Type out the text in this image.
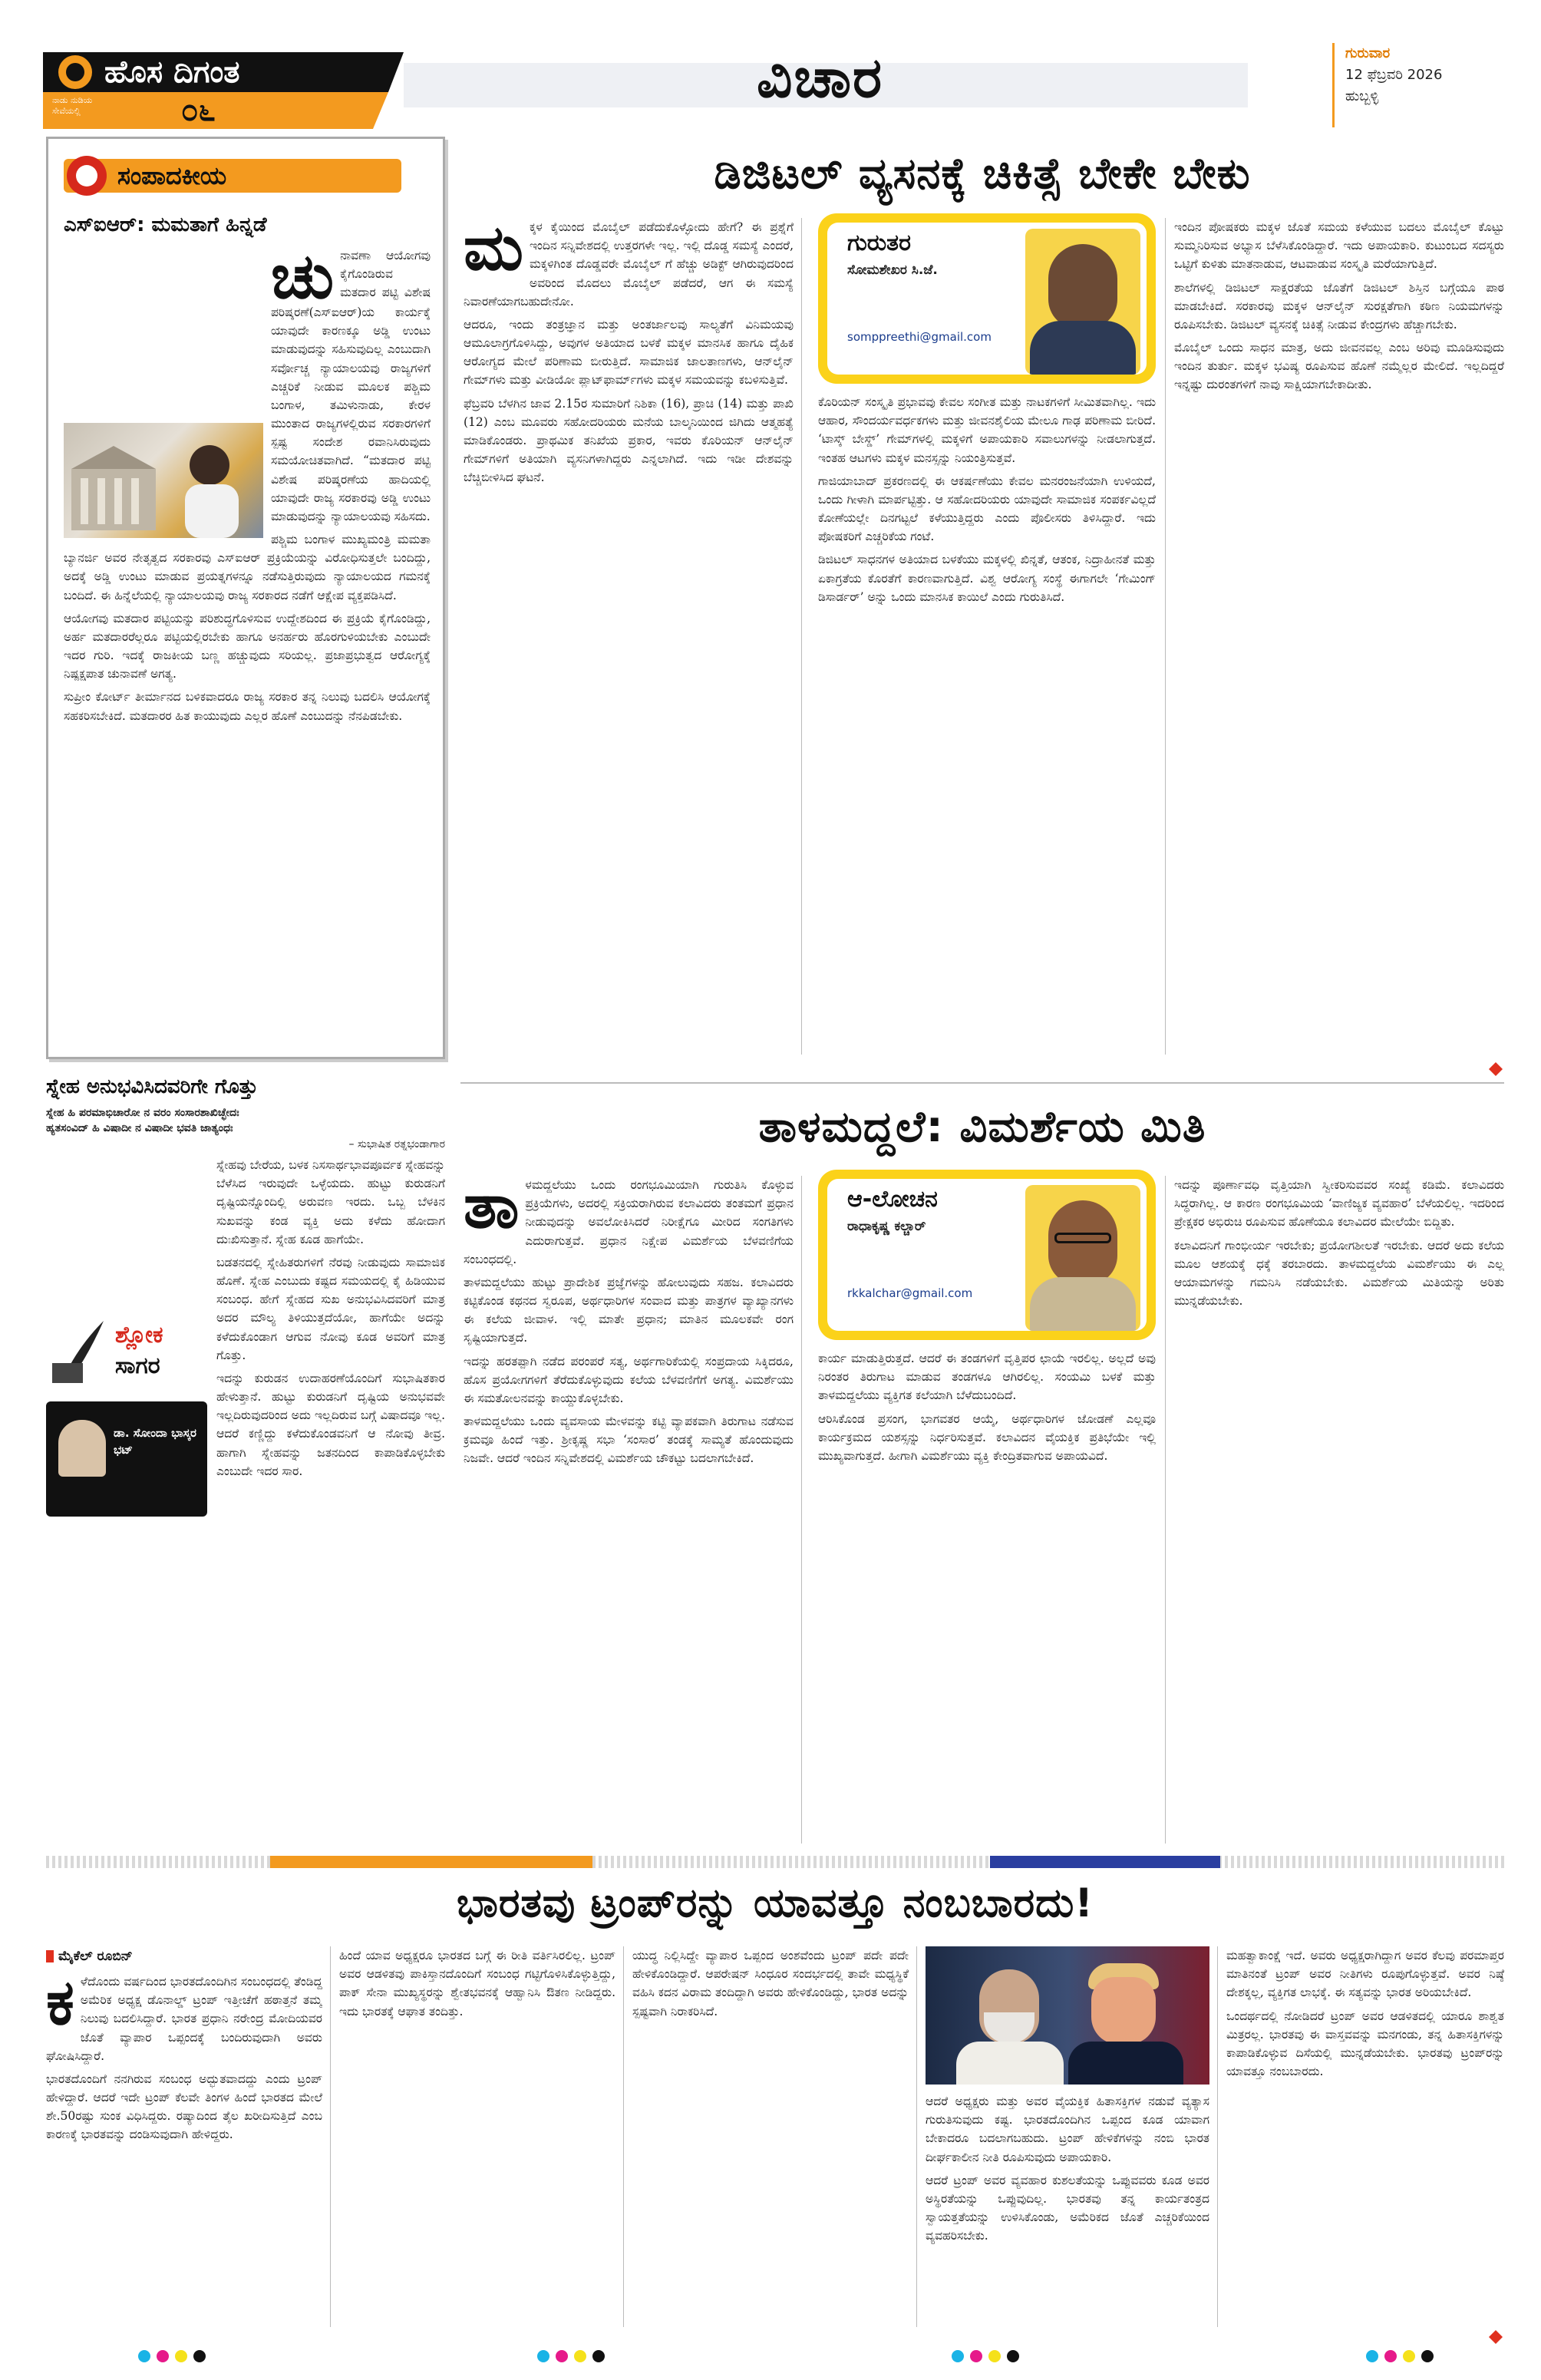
ಹೊಸ ದಿಗಂತ
ನಾಡು ನುಡಿಯ ಸೇವೆಯಲ್ಲಿ	೦೬
ವಿಚಾರ	ಗುರುವಾರ
12 ಫೆಬ್ರವರಿ 2026
ಹುಬ್ಬಳ್ಳಿ
ಸಂಪಾದಕೀಯ
ಎಸ್ಐಆರ್: ಮಮತಾಗೆ ಹಿನ್ನಡೆ
ಚು ನಾವಣಾ ಆಯೋಗವು ಕೈಗೊಂಡಿರುವ ಮತದಾರ ಪಟ್ಟಿ ವಿಶೇಷ ಪರಿಷ್ಕರಣೆ(ಎಸ್ಐಆರ್)ಯ ಕಾರ್ಯಕ್ಕೆ ಯಾವುದೇ ಕಾರಣಕ್ಕೂ ಅಡ್ಡಿ ಉಂಟು ಮಾಡುವುದನ್ನು ಸಹಿಸುವುದಿಲ್ಲ ಎಂಬುದಾಗಿ ಸರ್ವೋಚ್ಚ ನ್ಯಾಯಾಲಯವು ರಾಜ್ಯಗಳಿಗೆ ಎಚ್ಚರಿಕೆ ನೀಡುವ ಮೂಲಕ ಪಶ್ಚಿಮ ಬಂಗಾಳ, ತಮಿಳುನಾಡು, ಕೇರಳ ಮುಂತಾದ ರಾಜ್ಯಗಳಲ್ಲಿರುವ ಸರಕಾರಗಳಿಗೆ ಸ್ಪಷ್ಟ ಸಂದೇಶ ರವಾನಿಸಿರುವುದು ಸಮಯೋಚಿತವಾಗಿದೆ. “ಮತದಾರ ಪಟ್ಟಿ ವಿಶೇಷ ಪರಿಷ್ಕರಣೆಯ ಹಾದಿಯಲ್ಲಿ ಯಾವುದೇ ರಾಜ್ಯ ಸರಕಾರವು ಅಡ್ಡಿ ಉಂಟು ಮಾಡುವುದನ್ನು ನ್ಯಾಯಾಲಯವು ಸಹಿಸದು.

ಪಶ್ಚಿಮ ಬಂಗಾಳ ಮುಖ್ಯಮಂತ್ರಿ ಮಮತಾ ಬ್ಯಾನರ್ಜಿ ಅವರ ನೇತೃತ್ವದ ಸರಕಾರವು ಎಸ್ಐಆರ್ ಪ್ರಕ್ರಿಯೆಯನ್ನು ವಿರೋಧಿಸುತ್ತಲೇ ಬಂದಿದ್ದು, ಅದಕ್ಕೆ ಅಡ್ಡಿ ಉಂಟು ಮಾಡುವ ಪ್ರಯತ್ನಗಳನ್ನೂ ನಡೆಸುತ್ತಿರುವುದು ನ್ಯಾಯಾಲಯದ ಗಮನಕ್ಕೆ ಬಂದಿದೆ. ಈ ಹಿನ್ನೆಲೆಯಲ್ಲಿ ನ್ಯಾಯಾಲಯವು ರಾಜ್ಯ ಸರಕಾರದ ನಡೆಗೆ ಆಕ್ಷೇಪ ವ್ಯಕ್ತಪಡಿಸಿದೆ.

ಆಯೋಗವು ಮತದಾರ ಪಟ್ಟಿಯನ್ನು ಪರಿಶುದ್ಧಗೊಳಿಸುವ ಉದ್ದೇಶದಿಂದ ಈ ಪ್ರಕ್ರಿಯೆ ಕೈಗೊಂಡಿದ್ದು, ಅರ್ಹ ಮತದಾರರೆಲ್ಲರೂ ಪಟ್ಟಿಯಲ್ಲಿರಬೇಕು ಹಾಗೂ ಅನರ್ಹರು ಹೊರಗುಳಿಯಬೇಕು ಎಂಬುದೇ ಇದರ ಗುರಿ. ಇದಕ್ಕೆ ರಾಜಕೀಯ ಬಣ್ಣ ಹಚ್ಚುವುದು ಸರಿಯಲ್ಲ. ಪ್ರಜಾಪ್ರಭುತ್ವದ ಆರೋಗ್ಯಕ್ಕೆ ನಿಷ್ಪಕ್ಷಪಾತ ಚುನಾವಣೆ ಅಗತ್ಯ.

ಸುಪ್ರೀಂ ಕೋರ್ಟ್ ತೀರ್ಮಾನದ ಬಳಿಕವಾದರೂ ರಾಜ್ಯ ಸರಕಾರ ತನ್ನ ನಿಲುವು ಬದಲಿಸಿ ಆಯೋಗಕ್ಕೆ ಸಹಕರಿಸಬೇಕಿದೆ. ಮತದಾರರ ಹಿತ ಕಾಯುವುದು ಎಲ್ಲರ ಹೊಣೆ ಎಂಬುದನ್ನು ನೆನಪಿಡಬೇಕು.

ಸ್ನೇಹ ಅನುಭವಿಸಿದವರಿಗೇ ಗೊತ್ತು
ಸ್ನೇಹ ಹಿ ಪರಮಾಭಿಚಾರೋ ನ ವರಂ ಸಂಸಾರಶಾಖಿಚ್ಛೇದಃ
ಹ್ಯತಸಂವಿದ್ ಹಿ ವಿಷಾದೀ ನ ವಿಷಾದೀ ಭವತಿ ಜಾತ್ಯಂಧಃ
– ಸುಭಾಷಿತ ರತ್ನಭಂಡಾಗಾರ
ಶ್ಲೋಕ
ಸಾಗರ
ಡಾ. ಸೋಂದಾ ಭಾಸ್ಕರ ಭಟ್

ಸ್ನೇಹವು ಬೇರೆಯ, ಬಳಕ ನಿಸಸಾರ್ಥಭಾವಪೂರ್ವಕ ಸ್ನೇಹವನ್ನು ಬೆಳೆಸಿದ ಇರುವುದೇ ಒಳ್ಳೆಯದು. ಹುಟ್ಟು ಕುರುಡನಿಗೆ ದೃಷ್ಟಿಯನ್ನೊಂದಿಲ್ಲಿ ಅರುವಣ ಇರದು. ಒಬ್ಬ ಬೆಳಕಿನ ಸುಖವನ್ನು ಕಂಡ ವ್ಯಕ್ತಿ ಅದು ಕಳೆದು ಹೋದಾಗ ದುಃಖಿಸುತ್ತಾನೆ. ಸ್ನೇಹ ಕೂಡ ಹಾಗೆಯೇ.

ಬಡತನದಲ್ಲಿ ಸ್ನೇಹಿತರುಗಳಿಗೆ ನೆರವು ನೀಡುವುದು ಸಾಮಾಜಿಕ ಹೊಣೆ. ಸ್ನೇಹ ಎಂಬುದು ಕಷ್ಟದ ಸಮಯದಲ್ಲಿ ಕೈ ಹಿಡಿಯುವ ಸಂಬಂಧ. ಹೇಗೆ ಸ್ನೇಹದ ಸುಖ ಅನುಭವಿಸಿದವರಿಗೆ ಮಾತ್ರ ಅದರ ಮೌಲ್ಯ ತಿಳಿಯುತ್ತದೆಯೋ, ಹಾಗೆಯೇ ಅದನ್ನು ಕಳೆದುಕೊಂಡಾಗ ಆಗುವ ನೋವು ಕೂಡ ಅವರಿಗೆ ಮಾತ್ರ ಗೊತ್ತು.

ಇದನ್ನು ಕುರುಡನ ಉದಾಹರಣೆಯೊಂದಿಗೆ ಸುಭಾಷಿತಕಾರ ಹೇಳುತ್ತಾನೆ. ಹುಟ್ಟು ಕುರುಡನಿಗೆ ದೃಷ್ಟಿಯ ಅನುಭವವೇ ಇಲ್ಲದಿರುವುದರಿಂದ ಅದು ಇಲ್ಲದಿರುವ ಬಗ್ಗೆ ವಿಷಾದವೂ ಇಲ್ಲ. ಆದರೆ ಕಣ್ಣಿದ್ದು ಕಳೆದುಕೊಂಡವನಿಗೆ ಆ ನೋವು ತೀವ್ರ. ಹಾಗಾಗಿ ಸ್ನೇಹವನ್ನು ಜತನದಿಂದ ಕಾಪಾಡಿಕೊಳ್ಳಬೇಕು ಎಂಬುದೇ ಇದರ ಸಾರ.

ಡಿಜಿಟಲ್ ವ್ಯಸನಕ್ಕೆ ಚಿಕಿತ್ಸೆ ಬೇಕೇ ಬೇಕು
ಮ ಕ್ಕಳ ಕೈಯಿಂದ ಮೊಬೈಲ್ ಪಡೆದುಕೊಳ್ಳೋದು ಹೇಗೆ? ಈ ಪ್ರಶ್ನೆಗೆ ಇಂದಿನ ಸನ್ನಿವೇಶದಲ್ಲಿ ಉತ್ತರಗಳೇ ಇಲ್ಲ. ಇಲ್ಲಿ ದೊಡ್ಡ ಸಮಸ್ಯೆ ಎಂದರೆ, ಮಕ್ಕಳಿಗಿಂತ ದೊಡ್ಡವರೇ ಮೊಬೈಲ್ ಗೆ ಹೆಚ್ಚು ಅಡಿಕ್ಟ್ ಆಗಿರುವುದರಿಂದ ಅವರಿಂದ ಮೊದಲು ಮೊಬೈಲ್ ಪಡೆದರೆ, ಆಗ ಈ ಸಮಸ್ಯೆ ನಿವಾರಣೆಯಾಗಬಹುದೇನೋ.

ಆದರೂ, ಇಂದು ತಂತ್ರಜ್ಞಾನ ಮತ್ತು ಅಂತರ್ಜಾಲವು ಸಾಲ್ಯತೆಗೆ ವಿನಿಮಯವು ಆಮೂಲಾಗ್ರಗೊಳಿಸಿದ್ದು, ಅವುಗಳ ಅತಿಯಾದ ಬಳಕೆ ಮಕ್ಕಳ ಮಾನಸಿಕ ಹಾಗೂ ದೈಹಿಕ ಆರೋಗ್ಯದ ಮೇಲೆ ಪರಿಣಾಮ ಬೀರುತ್ತಿದೆ. ಸಾಮಾಜಿಕ ಜಾಲತಾಣಗಳು, ಆನ್‌ಲೈನ್ ಗೇಮ್‌ಗಳು ಮತ್ತು ವೀಡಿಯೋ ಪ್ಲಾಟ್‌ಫಾರ್ಮ್‌ಗಳು ಮಕ್ಕಳ ಸಮಯವನ್ನು ಕಬಳಿಸುತ್ತಿವೆ.

ಫೆಬ್ರವರಿ ಬೆಳಗಿನ ಜಾವ 2.15ರ ಸುಮಾರಿಗೆ ನಿಶಿಕಾ (16), ಪ್ರಾಚಿ (14) ಮತ್ತು ಪಾಖಿ (12) ಎಂಬ ಮೂವರು ಸಹೋದರಿಯರು ಮನೆಯ ಬಾಲ್ಕನಿಯಿಂದ ಜಿಗಿದು ಆತ್ಮಹತ್ಯೆ ಮಾಡಿಕೊಂಡರು. ಪ್ರಾಥಮಿಕ ತನಿಖೆಯ ಪ್ರಕಾರ, ಇವರು ಕೊರಿಯನ್ ಆನ್‌ಲೈನ್ ಗೇಮ್‌ಗಳಿಗೆ ಅತಿಯಾಗಿ ವ್ಯಸನಿಗಳಾಗಿದ್ದರು ಎನ್ನಲಾಗಿದೆ. ಇದು ಇಡೀ ದೇಶವನ್ನು ಬೆಚ್ಚಿಬೀಳಿಸಿದ ಘಟನೆ.

ಗುರುತರ
ಸೋಮಶೇಖರ ಸಿ.ಜೆ.
somppreethi@gmail.com

ಕೊರಿಯನ್ ಸಂಸ್ಕೃತಿ ಪ್ರಭಾವವು ಕೇವಲ ಸಂಗೀತ ಮತ್ತು ನಾಟಕಗಳಿಗೆ ಸೀಮಿತವಾಗಿಲ್ಲ. ಇದು ಆಹಾರ, ಸೌಂದರ್ಯವರ್ಧಕಗಳು ಮತ್ತು ಜೀವನಶೈಲಿಯ ಮೇಲೂ ಗಾಢ ಪರಿಣಾಮ ಬೀರಿದೆ. ‘ಟಾಸ್ಕ್ ಬೇಸ್ಡ್’ ಗೇಮ್‌ಗಳಲ್ಲಿ ಮಕ್ಕಳಿಗೆ ಅಪಾಯಕಾರಿ ಸವಾಲುಗಳನ್ನು ನೀಡಲಾಗುತ್ತದೆ. ಇಂತಹ ಆಟಗಳು ಮಕ್ಕಳ ಮನಸ್ಸನ್ನು ನಿಯಂತ್ರಿಸುತ್ತವೆ.

ಗಾಜಿಯಾಬಾದ್ ಪ್ರಕರಣದಲ್ಲಿ ಈ ಆಕರ್ಷಣೆಯು ಕೇವಲ ಮನರಂಜನೆಯಾಗಿ ಉಳಿಯದೆ, ಒಂದು ಗೀಳಾಗಿ ಮಾರ್ಪಟ್ಟಿತ್ತು. ಆ ಸಹೋದರಿಯರು ಯಾವುದೇ ಸಾಮಾಜಿಕ ಸಂಪರ್ಕವಿಲ್ಲದೆ ಕೋಣೆಯಲ್ಲೇ ದಿನಗಟ್ಟಲೆ ಕಳೆಯುತ್ತಿದ್ದರು ಎಂದು ಪೊಲೀಸರು ತಿಳಿಸಿದ್ದಾರೆ. ಇದು ಪೋಷಕರಿಗೆ ಎಚ್ಚರಿಕೆಯ ಗಂಟೆ.

ಡಿಜಿಟಲ್ ಸಾಧನಗಳ ಅತಿಯಾದ ಬಳಕೆಯು ಮಕ್ಕಳಲ್ಲಿ ಖಿನ್ನತೆ, ಆತಂಕ, ನಿದ್ರಾಹೀನತೆ ಮತ್ತು ಏಕಾಗ್ರತೆಯ ಕೊರತೆಗೆ ಕಾರಣವಾಗುತ್ತಿದೆ. ವಿಶ್ವ ಆರೋಗ್ಯ ಸಂಸ್ಥೆ ಈಗಾಗಲೇ ‘ಗೇಮಿಂಗ್ ಡಿಸಾರ್ಡರ್’ ಅನ್ನು ಒಂದು ಮಾನಸಿಕ ಕಾಯಿಲೆ ಎಂದು ಗುರುತಿಸಿದೆ.

ಇಂದಿನ ಪೋಷಕರು ಮಕ್ಕಳ ಜೊತೆ ಸಮಯ ಕಳೆಯುವ ಬದಲು ಮೊಬೈಲ್ ಕೊಟ್ಟು ಸುಮ್ಮನಿರಿಸುವ ಅಭ್ಯಾಸ ಬೆಳೆಸಿಕೊಂಡಿದ್ದಾರೆ. ಇದು ಅಪಾಯಕಾರಿ. ಕುಟುಂಬದ ಸದಸ್ಯರು ಒಟ್ಟಿಗೆ ಕುಳಿತು ಮಾತನಾಡುವ, ಆಟವಾಡುವ ಸಂಸ್ಕೃತಿ ಮರೆಯಾಗುತ್ತಿದೆ.

ಶಾಲೆಗಳಲ್ಲಿ ಡಿಜಿಟಲ್ ಸಾಕ್ಷರತೆಯ ಜೊತೆಗೆ ಡಿಜಿಟಲ್ ಶಿಸ್ತಿನ ಬಗ್ಗೆಯೂ ಪಾಠ ಮಾಡಬೇಕಿದೆ. ಸರಕಾರವು ಮಕ್ಕಳ ಆನ್‌ಲೈನ್ ಸುರಕ್ಷತೆಗಾಗಿ ಕಠಿಣ ನಿಯಮಗಳನ್ನು ರೂಪಿಸಬೇಕು. ಡಿಜಿಟಲ್ ವ್ಯಸನಕ್ಕೆ ಚಿಕಿತ್ಸೆ ನೀಡುವ ಕೇಂದ್ರಗಳು ಹೆಚ್ಚಾಗಬೇಕು.

ಮೊಬೈಲ್ ಒಂದು ಸಾಧನ ಮಾತ್ರ, ಅದು ಜೀವನವಲ್ಲ ಎಂಬ ಅರಿವು ಮೂಡಿಸುವುದು ಇಂದಿನ ತುರ್ತು. ಮಕ್ಕಳ ಭವಿಷ್ಯ ರೂಪಿಸುವ ಹೊಣೆ ನಮ್ಮೆಲ್ಲರ ಮೇಲಿದೆ. ಇಲ್ಲದಿದ್ದರೆ ಇನ್ನಷ್ಟು ದುರಂತಗಳಿಗೆ ನಾವು ಸಾಕ್ಷಿಯಾಗಬೇಕಾದೀತು.

ತಾಳಮದ್ದಲೆ: ವಿಮರ್ಶೆಯ ಮಿತಿ
ತಾ ಳಮದ್ದಲೆಯು ಒಂದು ರಂಗಭೂಮಿಯಾಗಿ ಗುರುತಿಸಿ ಕೊಳ್ಳುವ ಪ್ರಕ್ರಿಯೆಗಳು, ಅದರಲ್ಲಿ ಸಕ್ರಿಯರಾಗಿರುವ ಕಲಾವಿದರು ತಂತಮಗೆ ಪ್ರಧಾನ ನೀಡುವುದನ್ನು ಅವಲೋಕಿಸಿದರೆ ನಿರೀಕ್ಷೆಗೂ ಮೀರಿದ ಸಂಗತಿಗಳು ಎದುರಾಗುತ್ತವೆ. ಪ್ರಧಾನ ನಿಕ್ಷೇಪ ವಿಮರ್ಶೆಯ ಬೆಳವಣಿಗೆಯ ಸಂಬಂಧದಲ್ಲಿ.

ತಾಳಮದ್ದಲೆಯು ಹುಟ್ಟು ಪ್ರಾದೇಶಿಕ ಪ್ರಜ್ಞೆಗಳನ್ನು ಹೋಲುವುದು ಸಹಜ. ಕಲಾವಿದರು ಕಟ್ಟಿಕೊಂಡ ಕಥನದ ಸ್ವರೂಪ, ಅರ್ಥಧಾರಿಗಳ ಸಂವಾದ ಮತ್ತು ಪಾತ್ರಗಳ ವ್ಯಾಖ್ಯಾನಗಳು ಈ ಕಲೆಯ ಜೀವಾಳ. ಇಲ್ಲಿ ಮಾತೇ ಪ್ರಧಾನ; ಮಾತಿನ ಮೂಲಕವೇ ರಂಗ ಸೃಷ್ಟಿಯಾಗುತ್ತದೆ.

ಇದನ್ನು ಹರತಪ್ಪಾಗಿ ನಡೆದ ಪರಂಪರೆ ಸತ್ಯ, ಅರ್ಥಗಾರಿಕೆಯಲ್ಲಿ ಸಂಪ್ರದಾಯ ಸಿಕ್ಕಿದರೂ, ಹೊಸ ಪ್ರಯೋಗಗಳಿಗೆ ತೆರೆದುಕೊಳ್ಳುವುದು ಕಲೆಯ ಬೆಳವಣಿಗೆಗೆ ಅಗತ್ಯ. ವಿಮರ್ಶೆಯು ಈ ಸಮತೋಲನವನ್ನು ಕಾಯ್ದುಕೊಳ್ಳಬೇಕು.

ತಾಳಮದ್ದಲೆಯು ಒಂದು ವ್ಯವಸಾಯ ಮೇಳವನ್ನು ಕಟ್ಟಿ ವ್ಯಾಪಕವಾಗಿ ತಿರುಗಾಟ ನಡೆಸುವ ಕ್ರಮವೂ ಹಿಂದೆ ಇತ್ತು. ಶ್ರೀಕೃಷ್ಣ ಸಭಾ ‘ಸಂಸಾರ’ ತಂಡಕ್ಕೆ ಸಾಮ್ಯತೆ ಹೊಂದುವುದು ನಿಜವೇ. ಆದರೆ ಇಂದಿನ ಸನ್ನಿವೇಶದಲ್ಲಿ ವಿಮರ್ಶೆಯ ಚೌಕಟ್ಟು ಬದಲಾಗಬೇಕಿದೆ.

ಆ-ಲೋಚನ
ರಾಧಾಕೃಷ್ಣ ಕಲ್ಚಾರ್
rkkalchar@gmail.com

ಕಾರ್ಯ ಮಾಡುತ್ತಿರುತ್ತದೆ. ಆದರೆ ಈ ತಂಡಗಳಿಗೆ ವೃತ್ತಿಪರ ಛಾಯೆ ಇರಲಿಲ್ಲ. ಅಲ್ಲದೆ ಅವು ನಿರಂತರ ತಿರುಗಾಟ ಮಾಡುವ ತಂಡಗಳೂ ಆಗಿರಲಿಲ್ಲ. ಸಂಯಮಿ ಬಳಕೆ ಮತ್ತು ತಾಳಮದ್ದಲೆಯು ವ್ಯಕ್ತಿಗತ ಕಲೆಯಾಗಿ ಬೆಳೆದುಬಂದಿದೆ.

ಆರಿಸಿಕೊಂಡ ಪ್ರಸಂಗ, ಭಾಗವತರ ಆಯ್ಕೆ, ಅರ್ಥಧಾರಿಗಳ ಜೋಡಣೆ ಎಲ್ಲವೂ ಕಾರ್ಯಕ್ರಮದ ಯಶಸ್ಸನ್ನು ನಿರ್ಧರಿಸುತ್ತವೆ. ಕಲಾವಿದನ ವೈಯಕ್ತಿಕ ಪ್ರತಿಭೆಯೇ ಇಲ್ಲಿ ಮುಖ್ಯವಾಗುತ್ತದೆ. ಹೀಗಾಗಿ ವಿಮರ್ಶೆಯು ವ್ಯಕ್ತಿ ಕೇಂದ್ರಿತವಾಗುವ ಅಪಾಯವಿದೆ.

ಇದನ್ನು ಪೂರ್ಣಾವಧಿ ವೃತ್ತಿಯಾಗಿ ಸ್ವೀಕರಿಸುವವರ ಸಂಖ್ಯೆ ಕಡಿಮೆ. ಕಲಾವಿದರು ಸಿದ್ಧರಾಗಿಲ್ಲ. ಆ ಕಾರಣ ರಂಗಭೂಮಿಯ ‘ವಾಣಿಜ್ಯಕ ವ್ಯವಹಾರ’ ಬೆಳೆಯಲಿಲ್ಲ. ಇದರಿಂದ ಪ್ರೇಕ್ಷಕರ ಅಭಿರುಚಿ ರೂಪಿಸುವ ಹೊಣೆಯೂ ಕಲಾವಿದರ ಮೇಲೆಯೇ ಬಿದ್ದಿತು.

ಕಲಾವಿದನಿಗೆ ಗಾಂಭೀರ್ಯ ಇರಬೇಕು; ಪ್ರಯೋಗಶೀಲತೆ ಇರಬೇಕು. ಆದರೆ ಅದು ಕಲೆಯ ಮೂಲ ಆಶಯಕ್ಕೆ ಧಕ್ಕೆ ತರಬಾರದು. ತಾಳಮದ್ದಲೆಯ ವಿಮರ್ಶೆಯು ಈ ಎಲ್ಲ ಆಯಾಮಗಳನ್ನು ಗಮನಿಸಿ ನಡೆಯಬೇಕು. ವಿಮರ್ಶೆಯ ಮಿತಿಯನ್ನು ಅರಿತು ಮುನ್ನಡೆಯಬೇಕು.

ಭಾರತವು ಟ್ರಂಪ್‌ರನ್ನು ಯಾವತ್ತೂ ನಂಬಬಾರದು!
ಮೈಕೆಲ್ ರೂಬಿನ್
ಕ ಳೆದೊಂದು ವರ್ಷದಿಂದ ಭಾರತದೊಂದಿಗಿನ ಸಂಬಂಧದಲ್ಲಿ ತೆಂಡಿದ್ದ ಅಮೆರಿಕ ಅಧ್ಯಕ್ಷ ಡೊನಾಲ್ಡ್ ಟ್ರಂಪ್ ಇತ್ತೀಚೆಗೆ ಹಠಾತ್ತನೆ ತಮ್ಮ ನಿಲುವು ಬದಲಿಸಿದ್ದಾರೆ. ಭಾರತ ಪ್ರಧಾನಿ ನರೇಂದ್ರ ಮೋದಿಯವರ ಜೊತೆ ವ್ಯಾಪಾರ ಒಪ್ಪಂದಕ್ಕೆ ಬಂದಿರುವುದಾಗಿ ಅವರು ಘೋಷಿಸಿದ್ದಾರೆ.

ಭಾರತದೊಂದಿಗೆ ನನಗಿರುವ ಸಂಬಂಧ ಅದ್ಭುತವಾದದ್ದು ಎಂದು ಟ್ರಂಪ್ ಹೇಳಿದ್ದಾರೆ. ಆದರೆ ಇದೇ ಟ್ರಂಪ್ ಕೆಲವೇ ತಿಂಗಳ ಹಿಂದೆ ಭಾರತದ ಮೇಲೆ ಶೇ.50ರಷ್ಟು ಸುಂಕ ವಿಧಿಸಿದ್ದರು. ರಷ್ಯಾದಿಂದ ತೈಲ ಖರೀದಿಸುತ್ತಿದೆ ಎಂಬ ಕಾರಣಕ್ಕೆ ಭಾರತವನ್ನು ದಂಡಿಸುವುದಾಗಿ ಹೇಳಿದ್ದರು.

ಹಿಂದೆ ಯಾವ ಅಧ್ಯಕ್ಷರೂ ಭಾರತದ ಬಗ್ಗೆ ಈ ರೀತಿ ವರ್ತಿಸಿರಲಿಲ್ಲ. ಟ್ರಂಪ್ ಅವರ ಆಡಳಿತವು ಪಾಕಿಸ್ತಾನದೊಂದಿಗೆ ಸಂಬಂಧ ಗಟ್ಟಿಗೊಳಿಸಿಕೊಳ್ಳುತ್ತಿದ್ದು, ಪಾಕ್ ಸೇನಾ ಮುಖ್ಯಸ್ಥರನ್ನು ಶ್ವೇತಭವನಕ್ಕೆ ಆಹ್ವಾನಿಸಿ ಔತಣ ನೀಡಿದ್ದರು. ಇದು ಭಾರತಕ್ಕೆ ಆಘಾತ ತಂದಿತ್ತು.

ಯುದ್ಧ ನಿಲ್ಲಿಸಿದ್ದೇ ವ್ಯಾಪಾರ ಒಪ್ಪಂದ ಅಂಶವೆಂದು ಟ್ರಂಪ್ ಪದೇ ಪದೇ ಹೇಳಿಕೊಂಡಿದ್ದಾರೆ. ಆಪರೇಷನ್ ಸಿಂಧೂರ ಸಂದರ್ಭದಲ್ಲಿ ತಾವೇ ಮಧ್ಯಸ್ಥಿಕೆ ವಹಿಸಿ ಕದನ ವಿರಾಮ ತಂದಿದ್ದಾಗಿ ಅವರು ಹೇಳಿಕೊಂಡಿದ್ದು, ಭಾರತ ಅದನ್ನು ಸ್ಪಷ್ಟವಾಗಿ ನಿರಾಕರಿಸಿದೆ.

ಆದರೆ ಅಧ್ಯಕ್ಷರು ಮತ್ತು ಅವರ ವೈಯಕ್ತಿಕ ಹಿತಾಸಕ್ತಿಗಳ ನಡುವೆ ವ್ಯತ್ಯಾಸ ಗುರುತಿಸುವುದು ಕಷ್ಟ. ಭಾರತದೊಂದಿಗಿನ ಒಪ್ಪಂದ ಕೂಡ ಯಾವಾಗ ಬೇಕಾದರೂ ಬದಲಾಗಬಹುದು. ಟ್ರಂಪ್ ಹೇಳಿಕೆಗಳನ್ನು ನಂಬಿ ಭಾರತ ದೀರ್ಘಕಾಲೀನ ನೀತಿ ರೂಪಿಸುವುದು ಅಪಾಯಕಾರಿ.

ಆದರೆ ಟ್ರಂಪ್ ಅವರ ವ್ಯವಹಾರ ಕುಶಲತೆಯನ್ನು ಒಪ್ಪುವವರು ಕೂಡ ಅವರ ಅಸ್ಥಿರತೆಯನ್ನು ಒಪ್ಪುವುದಿಲ್ಲ. ಭಾರತವು ತನ್ನ ಕಾರ್ಯತಂತ್ರದ ಸ್ವಾಯತ್ತತೆಯನ್ನು ಉಳಿಸಿಕೊಂಡು, ಅಮೆರಿಕದ ಜೊತೆ ಎಚ್ಚರಿಕೆಯಿಂದ ವ್ಯವಹರಿಸಬೇಕು.

ಮಹತ್ವಾಕಾಂಕ್ಷೆ ಇದೆ. ಅವರು ಅಧ್ಯಕ್ಷರಾಗಿದ್ದಾಗ ಅವರ ಕೆಲವು ಪರಮಾಪ್ತರ ಮಾತಿನಂತೆ ಟ್ರಂಪ್ ಅವರ ನೀತಿಗಳು ರೂಪುಗೊಳ್ಳುತ್ತವೆ. ಅವರ ನಿಷ್ಠೆ ದೇಶಕ್ಕಲ್ಲ, ವ್ಯಕ್ತಿಗತ ಲಾಭಕ್ಕೆ. ಈ ಸತ್ಯವನ್ನು ಭಾರತ ಅರಿಯಬೇಕಿದೆ.

ಒಂದರ್ಥದಲ್ಲಿ ನೋಡಿದರೆ ಟ್ರಂಪ್ ಅವರ ಆಡಳಿತದಲ್ಲಿ ಯಾರೂ ಶಾಶ್ವತ ಮಿತ್ರರಲ್ಲ. ಭಾರತವು ಈ ವಾಸ್ತವವನ್ನು ಮನಗಂಡು, ತನ್ನ ಹಿತಾಸಕ್ತಿಗಳನ್ನು ಕಾಪಾಡಿಕೊಳ್ಳುವ ದಿಸೆಯಲ್ಲಿ ಮುನ್ನಡೆಯಬೇಕು. ಭಾರತವು ಟ್ರಂಪ್‌ರನ್ನು ಯಾವತ್ತೂ ನಂಬಬಾರದು.
